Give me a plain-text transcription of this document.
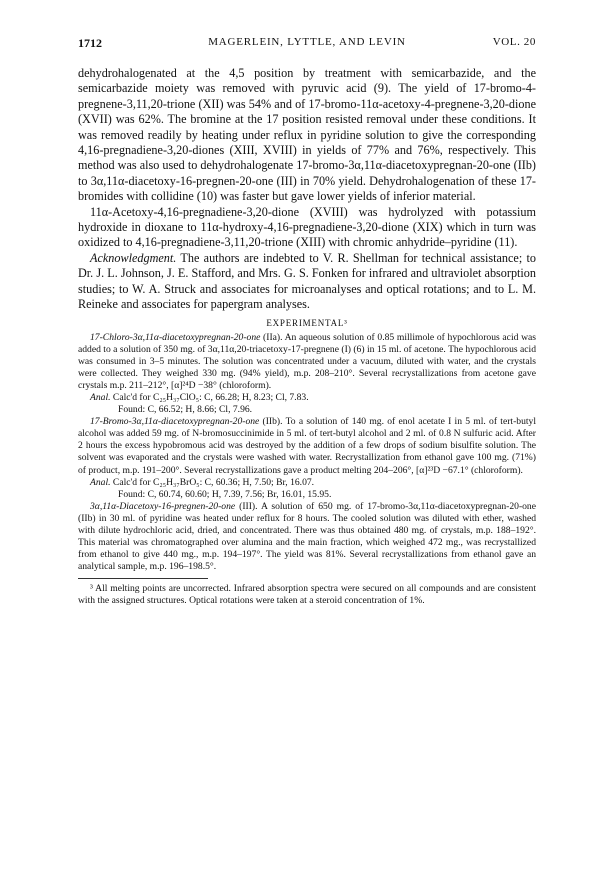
1712	MAGERLEIN, LYTTLE, AND LEVIN	VOL. 20

dehydrohalogenated at the 4,5 position by treatment with semicarbazide, and the semicarbazide moiety was removed with pyruvic acid (9). The yield of 17-bromo-4-pregnene-3,11,20-trione (XII) was 54% and of 17-bromo-11α-acetoxy-4-pregnene-3,20-dione (XVII) was 62%. The bromine at the 17 position resisted removal under these conditions. It was removed readily by heating under reflux in pyridine solution to give the corresponding 4,16-pregnadiene-3,20-diones (XIII, XVIII) in yields of 77% and 76%, respectively. This method was also used to dehydrohalogenate 17-bromo-3α,11α-diacetoxypregnan-20-one (IIb) to 3α,11α-diacetoxy-16-pregnen-20-one (III) in 70% yield. Dehydrohalogenation of these 17-bromides with collidine (10) was faster but gave lower yields of inferior material.

11α-Acetoxy-4,16-pregnadiene-3,20-dione (XVIII) was hydrolyzed with potassium hydroxide in dioxane to 11α-hydroxy-4,16-pregnadiene-3,20-dione (XIX) which in turn was oxidized to 4,16-pregnadiene-3,11,20-trione (XIII) with chromic anhydride–pyridine (11).

Acknowledgment. The authors are indebted to V. R. Shellman for technical assistance; to Dr. J. L. Johnson, J. E. Stafford, and Mrs. G. S. Fonken for infrared and ultraviolet absorption studies; to W. A. Struck and associates for microanalyses and optical rotations; and to L. M. Reineke and associates for papergram analyses.

EXPERIMENTAL³

17-Chloro-3α,11α-diacetoxypregnan-20-one (IIa). An aqueous solution of 0.85 millimole of hypochlorous acid was added to a solution of 350 mg. of 3α,11α,20-triacetoxy-17-pregnene (I) (6) in 15 ml. of acetone. The hypochlorous acid was consumed in 3–5 minutes. The solution was concentrated under a vacuum, diluted with water, and the crystals were collected. They weighed 330 mg. (94% yield), m.p. 208–210°. Several recrystallizations from acetone gave crystals m.p. 211–212°, [α]²⁴D −38° (chloroform).

Anal. Calc'd for C₂₅H₃₇ClO₅: C, 66.28; H, 8.23; Cl, 7.83.

Found: C, 66.52; H, 8.66; Cl, 7.96.

17-Bromo-3α,11α-diacetoxypregnan-20-one (IIb). To a solution of 140 mg. of enol acetate I in 5 ml. of tert-butyl alcohol was added 59 mg. of N-bromosuccinimide in 5 ml. of tert-butyl alcohol and 2 ml. of 0.8 N sulfuric acid. After 2 hours the excess hypobromous acid was destroyed by the addition of a few drops of sodium bisulfite solution. The solvent was evaporated and the crystals were washed with water. Recrystallization from ethanol gave 100 mg. (71%) of product, m.p. 191–200°. Several recrystallizations gave a product melting 204–206°, [α]²³D −67.1° (chloroform).

Anal. Calc'd for C₂₅H₃₇BrO₅: C, 60.36; H, 7.50; Br, 16.07.

Found: C, 60.74, 60.60; H, 7.39, 7.56; Br, 16.01, 15.95.

3α,11α-Diacetoxy-16-pregnen-20-one (III). A solution of 650 mg. of 17-bromo-3α,11α-diacetoxypregnan-20-one (IIb) in 30 ml. of pyridine was heated under reflux for 8 hours. The cooled solution was diluted with ether, washed with dilute hydrochloric acid, dried, and concentrated. There was thus obtained 480 mg. of crystals, m.p. 188–192°. This material was chromatographed over alumina and the main fraction, which weighed 472 mg., was recrystallized from ethanol to give 440 mg., m.p. 194–197°. The yield was 81%. Several recrystallizations from ethanol gave an analytical sample, m.p. 196–198.5°.

³ All melting points are uncorrected. Infrared absorption spectra were secured on all compounds and are consistent with the assigned structures. Optical rotations were taken at a steroid concentration of 1%.
